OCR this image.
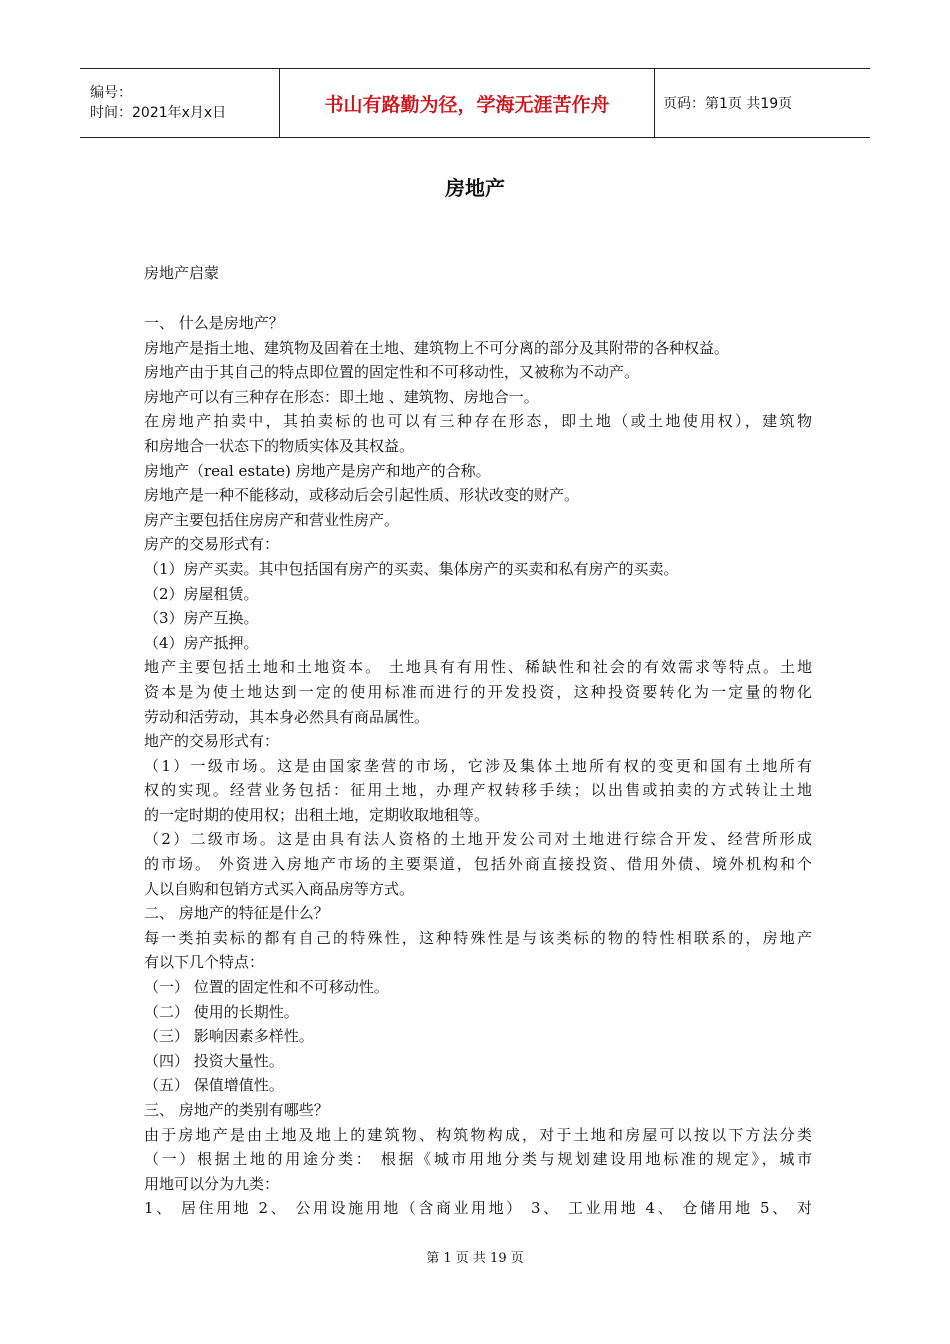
编号：
时间：2021年x月x日	书山有路勤为径，学海无涯苦作舟	页码：第1页 共19页
房地产
房地产启蒙

一、 什么是房地产？

房地产是指土地、建筑物及固着在土地、建筑物上不可分离的部分及其附带的各种权益。

房地产由于其自己的特点即位置的固定性和不可移动性，又被称为不动产。

房地产可以有三种存在形态：即土地 、建筑物、房地合一。

在房地产拍卖中，其拍卖标的也可以有三种存在形态，即土地（或土地使用权），建筑物

和房地合一状态下的物质实体及其权益。

房地产（real estate) 房地产是房产和地产的合称。

房地产是一种不能移动，或移动后会引起性质、形状改变的财产。

房产主要包括住房房产和营业性房产。

房产的交易形式有：

（1）房产买卖。其中包括国有房产的买卖、集体房产的买卖和私有房产的买卖。

（2）房屋租赁。

（3）房产互换。

（4）房产抵押。

地产主要包括土地和土地资本。 土地具有有用性、稀缺性和社会的有效需求等特点。土地

资本是为使土地达到一定的使用标准而进行的开发投资，这种投资要转化为一定量的物化

劳动和活劳动，其本身必然具有商品属性。

地产的交易形式有：

（1）一级市场。这是由国家垄营的市场，它涉及集体土地所有权的变更和国有土地所有

权的实现。经营业务包括：征用土地，办理产权转移手续；以出售或拍卖的方式转让土地

的一定时期的使用权；出租土地，定期收取地租等。

（2）二级市场。这是由具有法人资格的土地开发公司对土地进行综合开发、经营所形成

的市场。 外资进入房地产市场的主要渠道，包括外商直接投资、借用外债、境外机构和个

人以自购和包销方式买入商品房等方式。

二、 房地产的特征是什么？

每一类拍卖标的都有自己的特殊性，这种特殊性是与该类标的物的特性相联系的，房地产

有以下几个特点：

（一） 位置的固定性和不可移动性。

（二） 使用的长期性。

（三） 影响因素多样性。

（四） 投资大量性。

（五） 保值增值性。

三、 房地产的类别有哪些？

由于房地产是由土地及地上的建筑物、构筑物构成，对于土地和房屋可以按以下方法分类

（一）根据土地的用途分类： 根据《城市用地分类与规划建设用地标准的规定》，城市

用地可以分为九类：

1、 居住用地 2、 公用设施用地（含商业用地） 3、 工业用地 4、 仓储用地 5、 对

第 1 页 共 19 页
